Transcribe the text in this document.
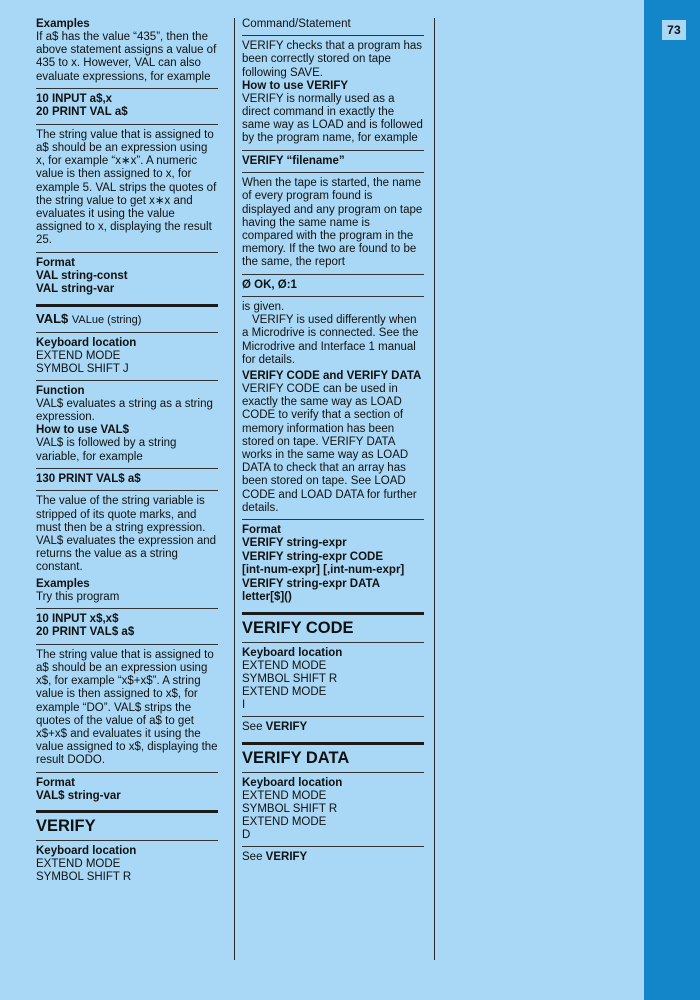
73
Examples
If a$ has the value “435”, then the above statement assigns a value of 435 to x. However, VAL can also evaluate expressions, for example
10 INPUT a$,x
20 PRINT VAL a$
The string value that is assigned to a$ should be an expression using x, for example “x∗x”. A numeric value is then assigned to x, for example 5. VAL strips the quotes of the string value to get x∗x and evaluates it using the value assigned to x, displaying the result 25.
Format
VAL string-const
VAL string-var
VAL$ VALue (string)
Keyboard location
EXTEND MODE
SYMBOL SHIFT J
Function
VAL$ evaluates a string as a string expression.
How to use VAL$
VAL$ is followed by a string variable, for example
130 PRINT VAL$ a$
The value of the string variable is stripped of its quote marks, and must then be a string expression. VAL$ evaluates the expression and returns the value as a string constant.
Examples
Try this program
10 INPUT x$,x$
20 PRINT VAL$ a$
The string value that is assigned to a$ should be an expression using x$, for example “x$+x$”. A string value is then assigned to x$, for example “DO”. VAL$ strips the quotes of the value of a$ to get x$+x$ and evaluates it using the value assigned to x$, displaying the result DODO.
Format
VAL$ string-var
VERIFY
Keyboard location
EXTEND MODE
SYMBOL SHIFT R
Command/Statement
VERIFY checks that a program has been correctly stored on tape following SAVE.
How to use VERIFY
VERIFY is normally used as a direct command in exactly the same way as LOAD and is followed by the program name, for example
VERIFY “filename”
When the tape is started, the name of every program found is displayed and any program on tape having the same name is compared with the program in the memory. If the two are found to be the same, the report
Ø OK, Ø:1
is given.
VERIFY is used differently when a Microdrive is connected. See the Microdrive and Interface 1 manual for details.
VERIFY CODE and VERIFY DATA
VERIFY CODE can be used in exactly the same way as LOAD CODE to verify that a section of memory information has been stored on tape. VERIFY DATA works in the same way as LOAD DATA to check that an array has been stored on tape. See LOAD CODE and LOAD DATA for further details.
Format
VERIFY string-expr
VERIFY string-expr CODE
[int-num-expr] [,int-num-expr]
VERIFY string-expr DATA
letter[$]()
VERIFY CODE
Keyboard location
EXTEND MODE
SYMBOL SHIFT R
EXTEND MODE
I
See VERIFY
VERIFY DATA
Keyboard location
EXTEND MODE
SYMBOL SHIFT R
EXTEND MODE
D
See VERIFY
